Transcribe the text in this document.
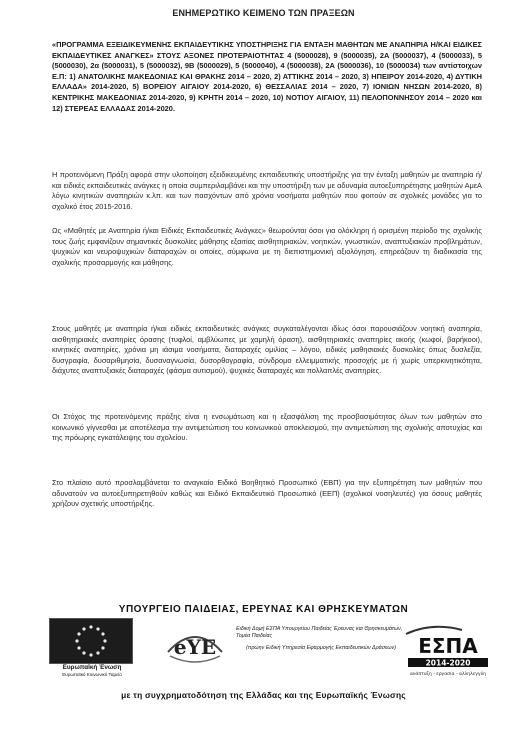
ΕΝΗΜΕΡΩΤΙΚΟ ΚΕΙΜΕΝΟ ΤΩΝ ΠΡΑΞΕΩΝ
«ΠΡΟΓΡΑΜΜΑ ΕΞΕΙΔΙΚΕΥΜΕΝΗΣ ΕΚΠΑΙΔΕΥΤΙΚΗΣ ΥΠΟΣΤΗΡΙΞΗΣ ΓΙΑ ΕΝΤΑΞΗ ΜΑΘΗΤΩΝ ΜΕ ΑΝΑΠΗΡΙΑ Η/ΚΑΙ ΕΙΔΙΚΕΣ ΕΚΠΑΙΔΕΥΤΙΚΕΣ ΑΝΑΓΚΕΣ» ΣΤΟΥΣ ΑΞΟΝΕΣ ΠΡΟΤΕΡΑΙΟΤΗΤΑΣ 4 (5000028), 9 (5000035), 2Α (5000037), 4 (5000033), 5 (5000030), 2α (5000031), 5 (5000032), 9Β (5000029), 5 (5000040), 4 (5000038), 2Α (5000036), 10 (5000034) των αντίστοιχων Ε.Π: 1) ΑΝΑΤΟΛΙΚΗΣ ΜΑΚΕΔΟΝΙΑΣ ΚΑΙ ΘΡΑΚΗΣ 2014 – 2020, 2) ΑΤΤΙΚΗΣ 2014 – 2020, 3) ΗΠΕΙΡΟΥ 2014-2020, 4) ΔΥΤΙΚΗ ΕΛΛΑΔΑ» 2014-2020, 5) ΒΟΡΕΙΟΥ ΑΙΓΑΙΟΥ 2014-2020, 6) ΘΕΣΣΑΛΙΑΣ 2014 – 2020, 7) ΙΟΝΙΩΝ ΝΗΣΩΝ 2014-2020, 8) ΚΕΝΤΡΙΚΗΣ ΜΑΚΕΔΟΝΙΑΣ 2014-2020, 9) ΚΡΗΤΗ 2014 – 2020, 10) ΝΟΤΙΟΥ ΑΙΓΑΙΟΥ, 11) ΠΕΛΟΠΟΝΝΗΣΟΥ 2014 – 2020 και 12) ΣΤΕΡΕΑΣ ΕΛΛΑΔΑΣ 2014-2020.
Η προτεινόμενη Πράξη αφορά στην υλοποίηση εξειδικευμένης εκπαιδευτικής υποστήριξης για την ένταξη μαθητών με αναπηρία ή/και ειδικές εκπαιδευτικές ανάγκες η οποία συμπεριλαμβάνει και την υποστήριξη των με αδυναμία αυτοεξυπηρέτησης μαθητών ΑμεΑ λόγω κινητικών αναπηριών κ.λπ. και των πασχόντων από χρόνια νοσήματα μαθητών που φοιτούν σε σχολικές μονάδες για το σχολικό έτος 2015-2016.
Ως «Μαθητές με Αναπηρία ή/και Ειδικές Εκπαιδευτικές Ανάγκες» θεωρούνται όσοι για ολόκληρη ή ορισμένη περίοδο της σχολικής τους ζωής εμφανίζουν σημαντικές δυσκολίες μάθησης εξαιτίας αισθητηριακών, νοητικών, γνωστικών, αναπτυξιακών προβλημάτων, ψυχικών και νευροψυχικών διαταραχών οι οποίες, σύμφωνα με τη διεπιστημονική αξιολόγηση, επηρεάζουν τη διαδικασία της σχολικής προσαρμογής και μάθησης.
Στους μαθητές με αναπηρία ή/και ειδικές εκπαιδευτικές ανάγκες συγκαταλέγονται ιδίως όσοι παρουσιάζουν νοητική αναπηρία, αισθητηριακές αναπηρίες όρασης (τυφλοί, αμβλύωπες με χαμηλή όραση), αισθητηριακές αναπηρίες ακοής (κωφοί, βαρήκοοι), κινητικές αναπηρίες, χρόνια μη ιάσιμα νοσήματα, διαταραχές ομιλίας – λόγου, ειδικές μαθησιακές δυσκολίες όπως δυσλεξία, δυσγραφία, δυσαριθμησία, δυσαναγνωσία, δυσορθογραφία, σύνδρομο ελλειμματικής προσοχής με ή χωρίς υπερκινητικότητα, διάχυτες αναπτυξιακές διαταραχές (φάσμα αυτισμού), ψυχικές διαταραχές και πολλαπλές αναπηρίες.
Οι Στόχος της προτεινόμενης πράξης είναι η ενσωμάτωση και η εξασφάλιση της προσβασιμότητας όλων των μαθητών στο κοινωνικό γίγνεσθαι με αποτέλεσμα την αντιμετώπιση του κοινωνικού αποκλεισμού, την αντιμετώπιση της σχολικής αποτυχίας και της πρόωρης εγκατάλειψης του σχολείου.
Στο πλαίσιο αυτό προσλαμβάνεται το αναγκαίο Ειδικό Βοηθητικό Προσωπικό (ΕΒΠ) για την εξυπηρέτηση των μαθητών που αδυνατούν να αυτοεξυπηρετηθούν καθώς και Ειδικό Εκπαιδευτικό Προσωπικό (ΕΕΠ) (σχολικοί νοσηλευτές) για όσους μαθητές χρήζουν σχετικής υποστήριξης.
ΥΠΟΥΡΓΕΙΟ ΠΑΙΔΕΙΑΣ, ΕΡΕΥΝΑΣ ΚΑΙ ΘΡΗΣΚΕΥΜΑΤΩΝ
Ευρωπαϊκή Ένωση
Ευρωπαϊκό Κοινωνικό Ταμείο
eYE
Ειδική Δομή ΕΣΠΑ Υπουργείου Παιδείας Έρευνας και Θρησκευμάτων, Τομέα Παιδείας
(πρώην Ειδική Υπηρεσία Εφαρμογής Εκπαιδευτικών Δράσεων)	ΕΣΠΑ
2014-2020
ανάπτυξη - εργασία - αλληλεγγύη
με τη συγχρηματοδότηση της Ελλάδας και της Ευρωπαϊκής Ένωσης
